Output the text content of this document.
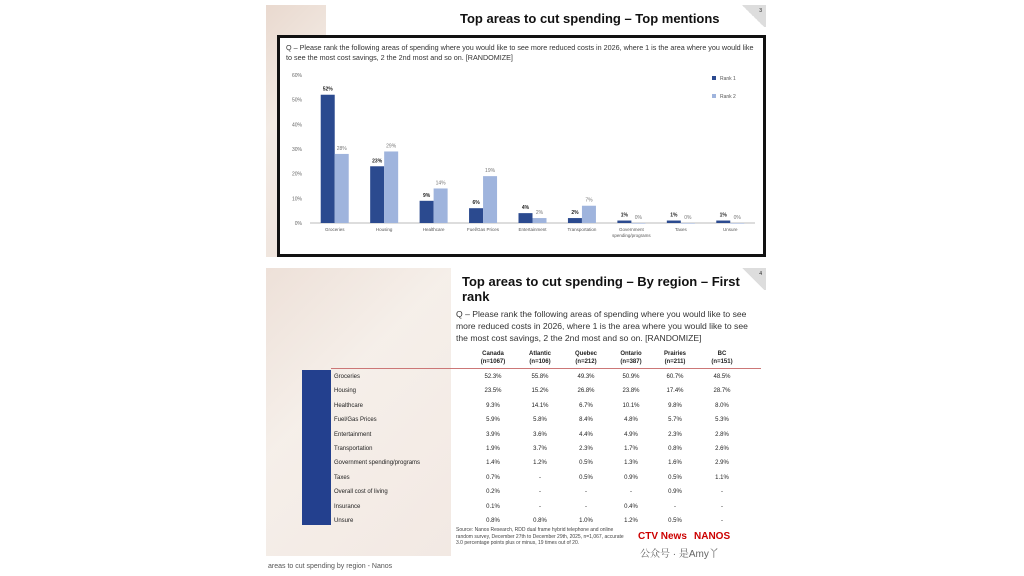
Top areas to cut spending – Top mentions	3
Q – Please rank the following areas of spending where you would like to see more reduced costs in 2026, where 1 is the area where you would like to see the most cost savings, 2 the 2nd most and so on. [RANDOMIZE]
0%
10%
20%
30%
40%
50%
60%
52%
28%
Groceries
23%
29%
Housing
9%
14%
Healthcare
6%
19%
Fuel/Gas Prices
4%
2%
Entertainment
2%
7%
Transportation
1% 0%
Government
spending/programs
1% 0%
Taxes
1% 0%
Unsure
Rank 1
Rank 2
Top areas to cut spending – By region – First rank
4
Q – Please rank the following areas of spending where you would like to see more reduced costs in 2026, where 1 is the area where you would like to see the most cost savings, 2 the 2nd most and so on. [RANDOMIZE]
Canada
(n=1067)
Atlantic
(n=106)
Quebec
(n=212)
Ontario
(n=387)
Prairies
(n=211)
BC
(n=151)
Groceries	52.3%	55.8%	49.3%	50.9%	60.7%	48.5%
Housing	23.5%	15.2%	26.8%	23.8%	17.4%	28.7%
Healthcare	9.3%	14.1%	6.7%	10.1%	9.8%	8.0%
Fuel/Gas Prices	5.9%	5.8%	8.4%	4.8%	5.7%	5.3%
Entertainment	3.9%	3.6%	4.4%	4.9%	2.3%	2.8%
Transportation	1.9%	3.7%	2.3%	1.7%	0.8%	2.6%
Government spending/programs	1.4%	1.2%	0.5%	1.3%	1.6%	2.9%
Taxes	0.7%	-	0.5%	0.9%	0.5%	1.1%
Overall cost of living	0.2%	-	-	-	0.9%	-
Insurance	0.1%	-	-	0.4%	-	-
Unsure	0.8%	0.8%	1.0%	1.2%	0.5%	-
Source: Nanos Research, RDD dual frame hybrid telephone and online random survey, December 27th to December 29th, 2025, n=1,067, accurate 3.0 percentage points plus or minus, 19 times out of 20.
CTV News NANOS
areas to cut spending by region - Nanos
公众号 · 是Amy丫
